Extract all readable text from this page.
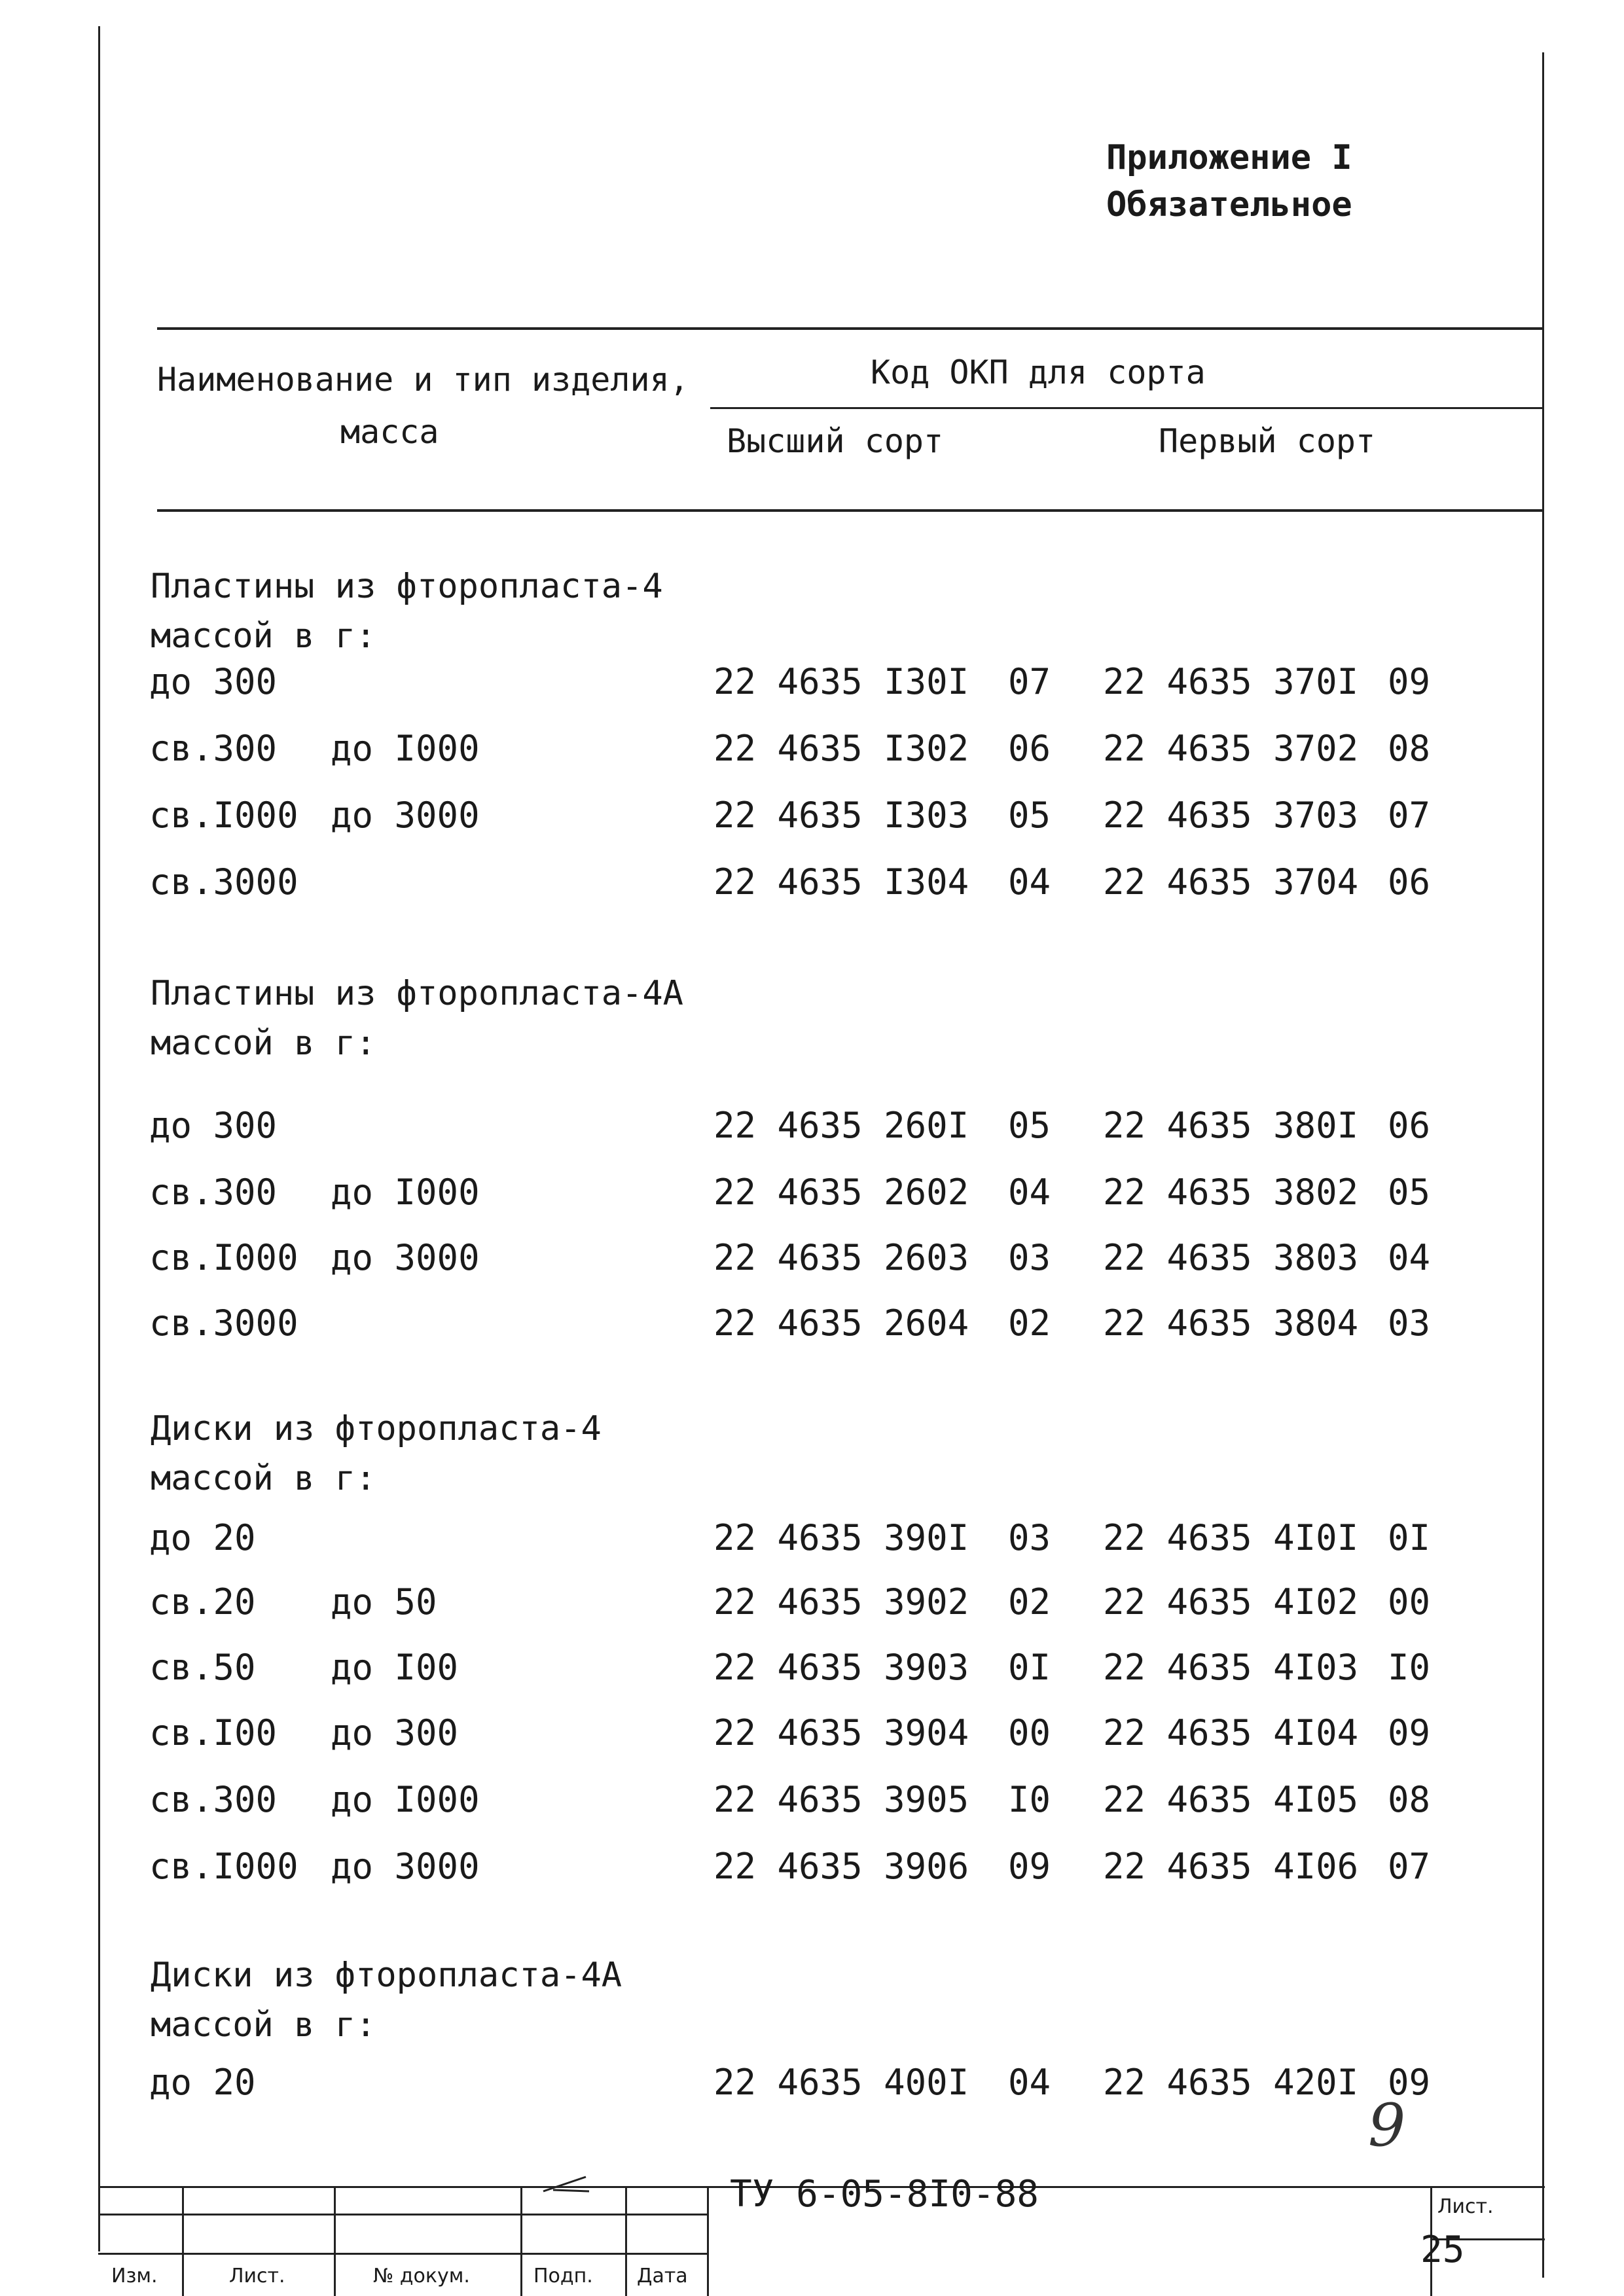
Приложение I
Обязательное
Наименование и тип изделия,
масса
Код ОКП для сорта
Высший сорт	Первый сорт
Пластины из фторопласта-4
массой в г:
до 300	22 4635 I30I 07 22 4635 370I 09
св.300 до I000	22 4635 I302 06 22 4635 3702 08
св.I000 до 3000	22 4635 I303 05 22 4635 3703 07
св.3000	22 4635 I304 04 22 4635 3704 06
Пластины из фторопласта-4А
массой в г:
до 300	22 4635 260I 05 22 4635 380I 06
св.300 до I000	22 4635 2602 04 22 4635 3802 05
св.I000 до 3000	22 4635 2603 03 22 4635 3803 04
св.3000	22 4635 2604 02 22 4635 3804 03
Диски из фторопласта-4
массой в г:
до 20	22 4635 390I 03 22 4635 4I0I 0I
св.20 до 50	22 4635 3902 02 22 4635 4I02 00
св.50 до I00	22 4635 3903 0I 22 4635 4I03 I0
св.I00 до 300	22 4635 3904 00 22 4635 4I04 09
св.300 до I000	22 4635 3905 I0 22 4635 4I05 08
св.I000 до 3000	22 4635 3906 09 22 4635 4I06 07
Диски из фторопласта-4А
массой в г:
до 20	22 4635 400I 04 22 4635 420I 09
9
Изм.	Лист.	№ докум.	Подп. Дата
ТУ 6-05-8I0-88	Лист.
25
